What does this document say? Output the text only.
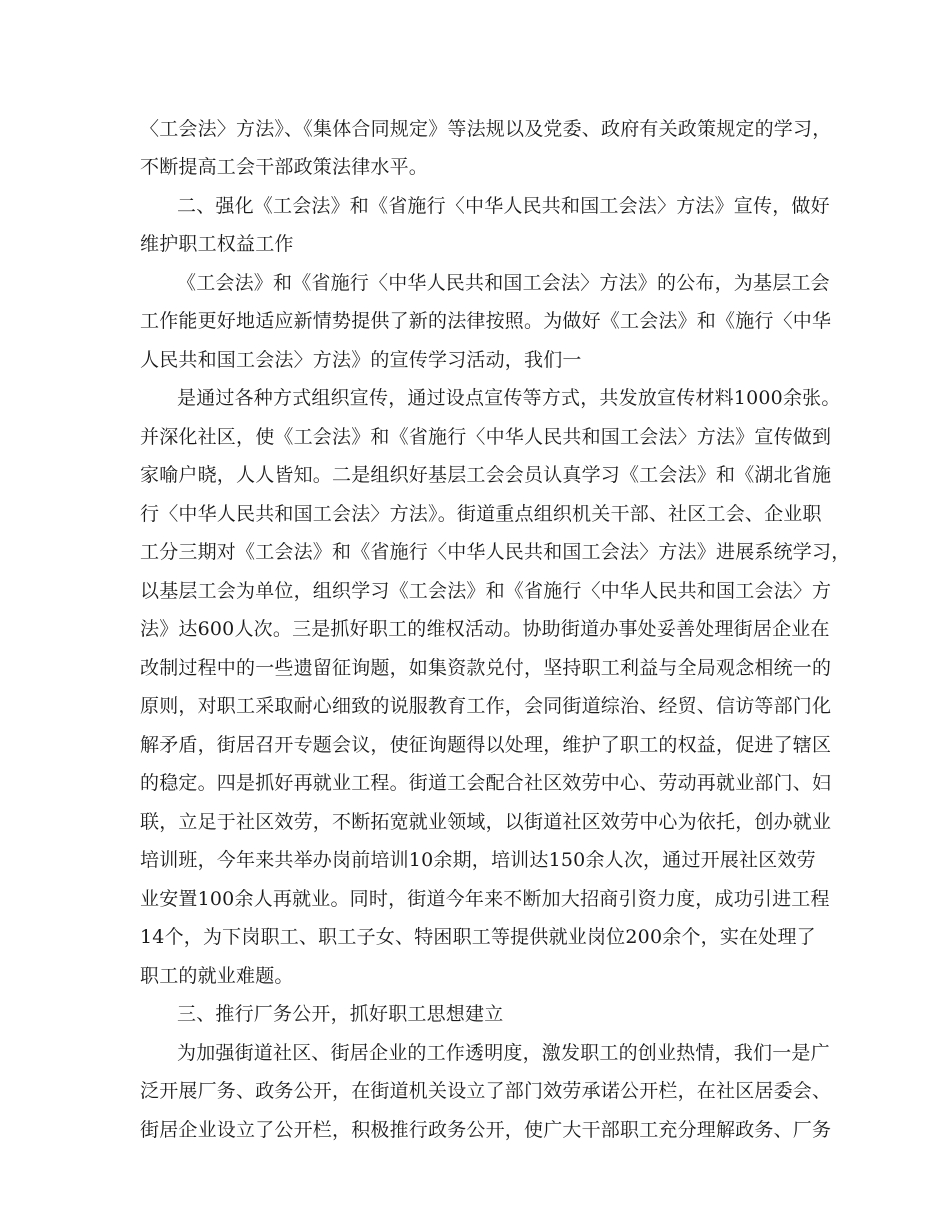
〈工会法〉方法》、《集体合同规定》等法规以及党委、政府有关政策规定的学习，
不断提高工会干部政策法律水平。
二、强化《工会法》和《省施行〈中华人民共和国工会法〉方法》宣传，做好
维护职工权益工作
《工会法》和《省施行〈中华人民共和国工会法〉方法》的公布，为基层工会
工作能更好地适应新情势提供了新的法律按照。为做好《工会法》和《施行〈中华
人民共和国工会法〉方法》的宣传学习活动，我们一
是通过各种方式组织宣传，通过设点宣传等方式，共发放宣传材料1000余张。
并深化社区，使《工会法》和《省施行〈中华人民共和国工会法〉方法》宣传做到
家喻户晓，人人皆知。二是组织好基层工会会员认真学习《工会法》和《湖北省施
行〈中华人民共和国工会法〉方法》。街道重点组织机关干部、社区工会、企业职
工分三期对《工会法》和《省施行〈中华人民共和国工会法〉方法》进展系统学习，
以基层工会为单位，组织学习《工会法》和《省施行〈中华人民共和国工会法〉方
法》达600人次。三是抓好职工的维权活动。协助街道办事处妥善处理街居企业在
改制过程中的一些遗留征询题，如集资款兑付，坚持职工利益与全局观念相统一的
原则，对职工采取耐心细致的说服教育工作，会同街道综治、经贸、信访等部门化
解矛盾，街居召开专题会议，使征询题得以处理，维护了职工的权益，促进了辖区
的稳定。四是抓好再就业工程。街道工会配合社区效劳中心、劳动再就业部门、妇
联，立足于社区效劳，不断拓宽就业领域，以街道社区效劳中心为依托，创办就业
培训班，今年来共举办岗前培训10余期，培训达150余人次，通过开展社区效劳
业安置100余人再就业。同时，街道今年来不断加大招商引资力度，成功引进工程
14个，为下岗职工、职工子女、特困职工等提供就业岗位200余个，实在处理了
职工的就业难题。
三、推行厂务公开，抓好职工思想建立
为加强街道社区、街居企业的工作透明度，激发职工的创业热情，我们一是广
泛开展厂务、政务公开，在街道机关设立了部门效劳承诺公开栏，在社区居委会、
街居企业设立了公开栏，积极推行政务公开，使广大干部职工充分理解政务、厂务
